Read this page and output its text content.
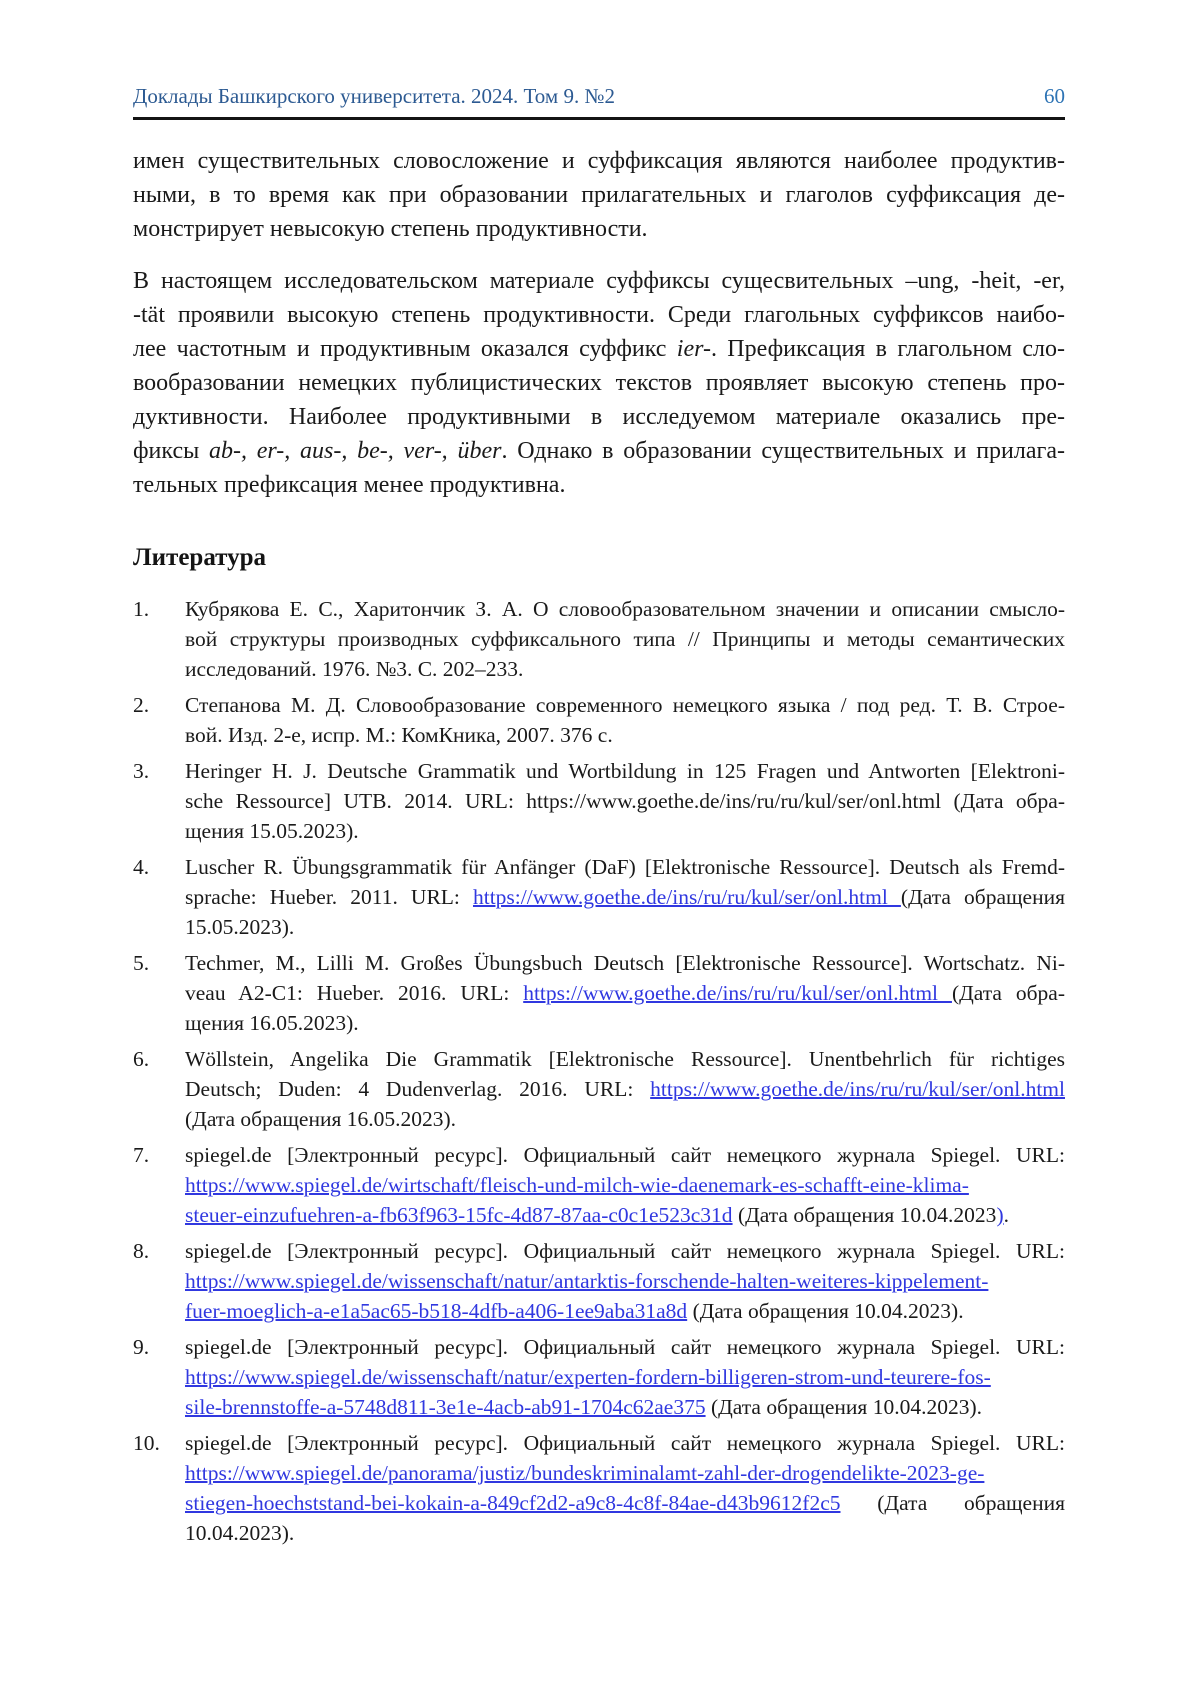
Доклады Башкирского университета. 2024. Том 9. №2	60
имен существительных словосложение и суффиксация являются наиболее продуктив-
ными, в то время как при образовании прилагательных и глаголов суффиксация де-
монстрирует невысокую степень продуктивности.
В настоящем исследовательском материале суффиксы сущесвительных –ung, -heit, -er,
-tät проявили высокую степень продуктивности. Среди глагольных суффиксов наибо-
лее частотным и продуктивным оказался суффикс ier-. Префиксация в глагольном сло-
вообразовании немецких публицистических текстов проявляет высокую степень про-
дуктивности. Наиболее продуктивными в исследуемом материале оказались пре-
фиксы ab-, er-, aus-, be-, ver-, über. Однако в образовании существительных и прилага-
тельных префиксация менее продуктивна.
Литература
1.	Кубрякова Е. С., Харитончик З. А. О словообразовательном значении и описании смысло-
вой структуры производных суффиксального типа // Принципы и методы семантических
исследований. 1976. №3. С. 202–233.
2.	Степанова М. Д. Словообразование современного немецкого языка / под ред. Т. В. Строе-
вой. Изд. 2-е, испр. М.: КомКника, 2007. 376 с.
3.	Heringer H. J. Deutsche Grammatik und Wortbildung in 125 Fragen und Antworten [Elektroni-
sche Ressource] UTB. 2014. URL: https://www.goethe.de/ins/ru/ru/kul/ser/onl.html (Дата обра-
щения 15.05.2023).
4.	Luscher R. Übungsgrammatik für Anfänger (DaF) [Elektronische Ressource]. Deutsch als Fremd-
sprache: Hueber. 2011. URL: https://www.goethe.de/ins/ru/ru/kul/ser/onl.html (Дата обращения
15.05.2023).
5.	Techmer, M., Lilli M. Großes Übungsbuch Deutsch [Elektronische Ressource]. Wortschatz. Ni-
veau A2-C1: Hueber. 2016. URL: https://www.goethe.de/ins/ru/ru/kul/ser/onl.html (Дата обра-
щения 16.05.2023).
6.	Wöllstein, Angelika Die Grammatik [Elektronische Ressource]. Unentbehrlich für richtiges
Deutsch; Duden: 4 Dudenverlag. 2016. URL: https://www.goethe.de/ins/ru/ru/kul/ser/onl.html
(Дата обращения 16.05.2023).
7.	spiegel.de [Электронный ресурс]. Официальный сайт немецкого журнала Spiegel. URL:
https://www.spiegel.de/wirtschaft/fleisch-und-milch-wie-daenemark-es-schafft-eine-klima-
steuer-einzufuehren-a-fb63f963-15fc-4d87-87aa-c0c1e523c31d (Дата обращения 10.04.2023).
8.	spiegel.de [Электронный ресурс]. Официальный сайт немецкого журнала Spiegel. URL:
https://www.spiegel.de/wissenschaft/natur/antarktis-forschende-halten-weiteres-kippelement-
fuer-moeglich-a-e1a5ac65-b518-4dfb-a406-1ee9aba31a8d (Дата обращения 10.04.2023).
9.	spiegel.de [Электронный ресурс]. Официальный сайт немецкого журнала Spiegel. URL:
https://www.spiegel.de/wissenschaft/natur/experten-fordern-billigeren-strom-und-teurere-fos-
sile-brennstoffe-a-5748d811-3e1e-4acb-ab91-1704c62ae375 (Дата обращения 10.04.2023).
10.	spiegel.de [Электронный ресурс]. Официальный сайт немецкого журнала Spiegel. URL:
https://www.spiegel.de/panorama/justiz/bundeskriminalamt-zahl-der-drogendelikte-2023-ge-
stiegen-hoechststand-bei-kokain-a-849cf2d2-a9c8-4c8f-84ae-d43b9612f2c5 (Дата обращения
10.04.2023).
